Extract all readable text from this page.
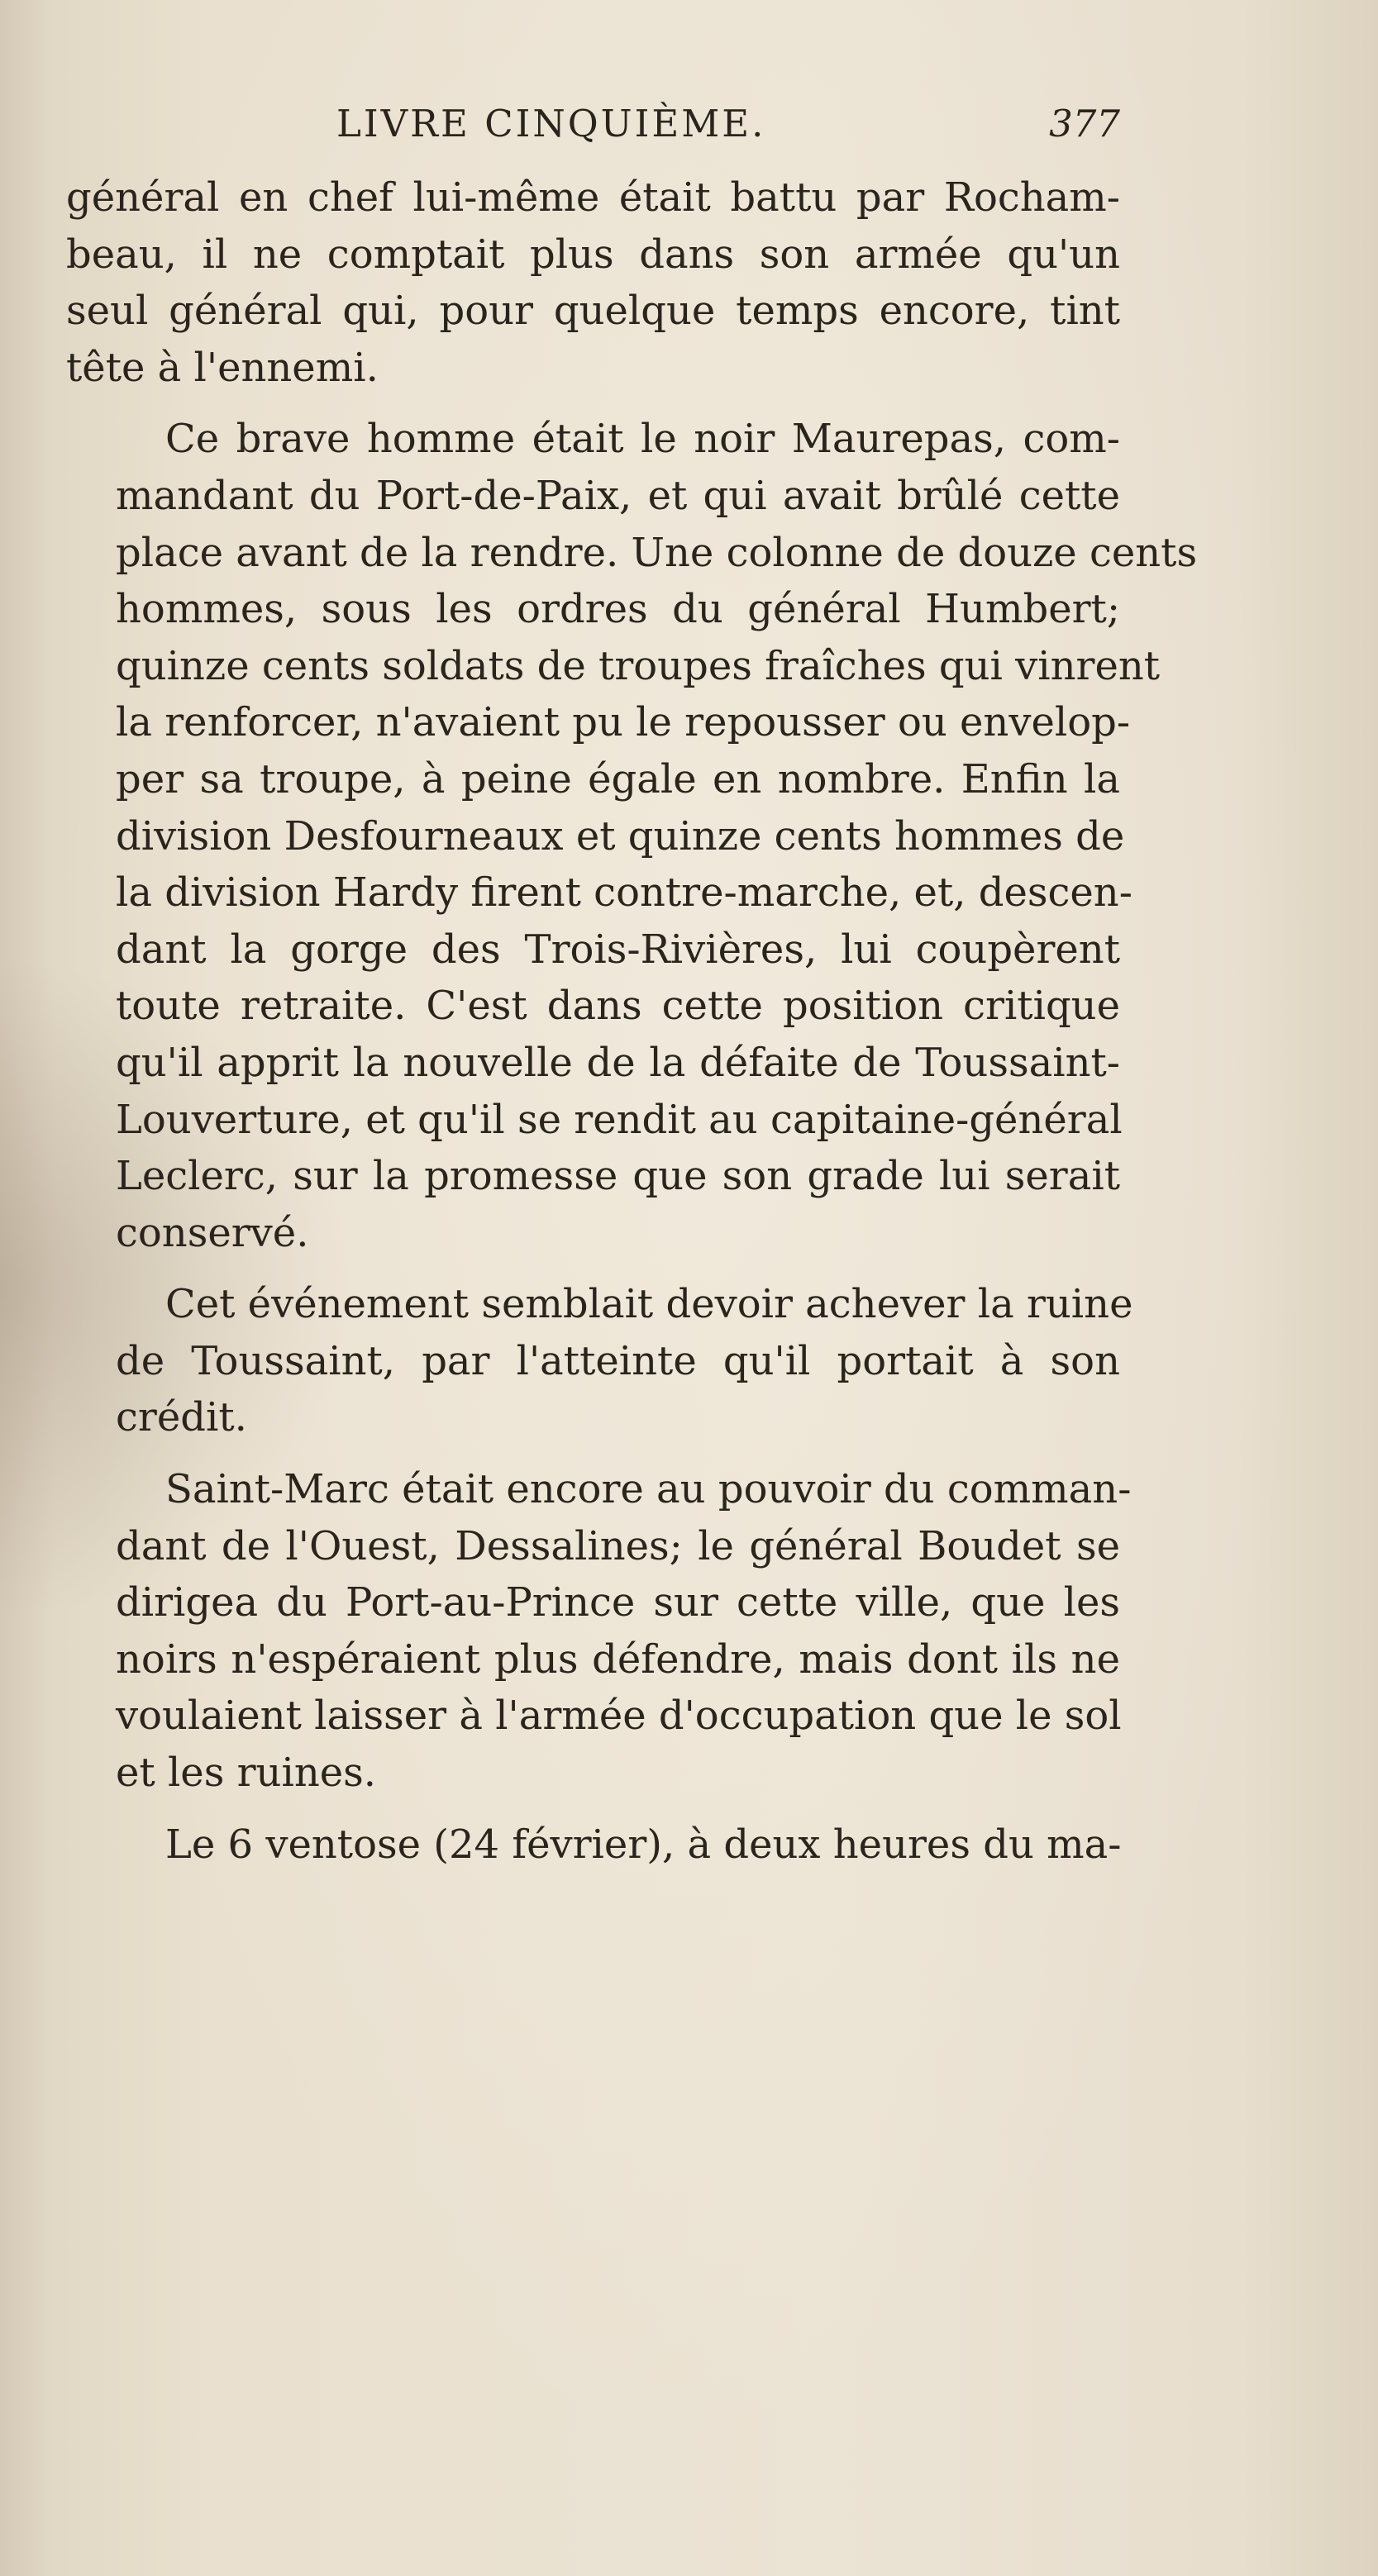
LIVRE CINQUIÈME.	377
général en chef lui-même était battu par Rocham-
beau, il ne comptait plus dans son armée qu'un
seul général qui, pour quelque temps encore, tint
tête à l'ennemi.
Ce brave homme était le noir Maurepas, com-
mandant du Port-de-Paix, et qui avait brûlé cette
place avant de la rendre. Une colonne de douze cents
hommes, sous les ordres du général Humbert;
quinze cents soldats de troupes fraîches qui vinrent
la renforcer, n'avaient pu le repousser ou envelop-
per sa troupe, à peine égale en nombre. Enfin la
division Desfourneaux et quinze cents hommes de
la division Hardy firent contre-marche, et, descen-
dant la gorge des Trois-Rivières, lui coupèrent
toute retraite. C'est dans cette position critique
qu'il apprit la nouvelle de la défaite de Toussaint-
Louverture, et qu'il se rendit au capitaine-général
Leclerc, sur la promesse que son grade lui serait
conservé.
Cet événement semblait devoir achever la ruine
de Toussaint, par l'atteinte qu'il portait à son
crédit.
Saint-Marc était encore au pouvoir du comman-
dant de l'Ouest, Dessalines; le général Boudet se
dirigea du Port-au-Prince sur cette ville, que les
noirs n'espéraient plus défendre, mais dont ils ne
voulaient laisser à l'armée d'occupation que le sol
et les ruines.
Le 6 ventose (24 février), à deux heures du ma-
